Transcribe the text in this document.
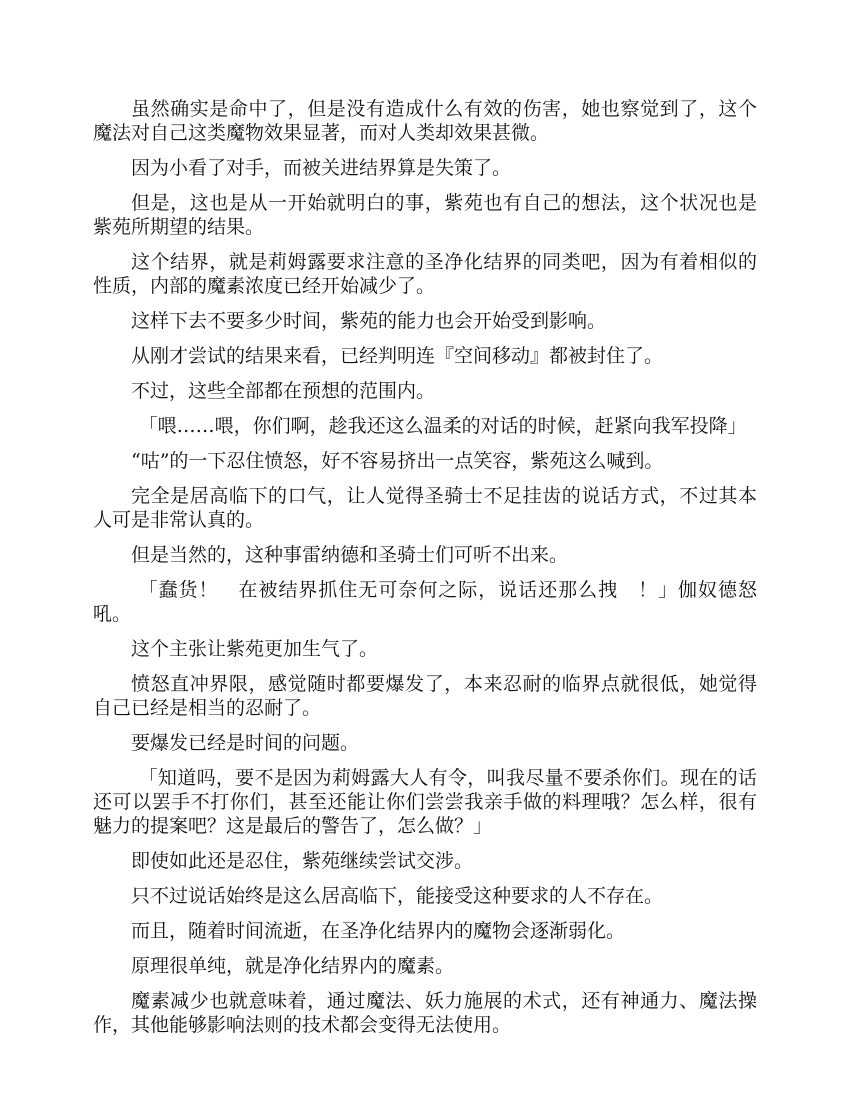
虽然确实是命中了，但是没有造成什么有效的伤害，她也察觉到了，这个魔法对自己这类魔物效果显著，而对人类却效果甚微。

因为小看了对手，而被关进结界算是失策了。

但是，这也是从一开始就明白的事，紫苑也有自己的想法，这个状况也是紫苑所期望的结果。

这个结界，就是莉姆露要求注意的圣净化结界的同类吧，因为有着相似的性质，内部的魔素浓度已经开始减少了。

这样下去不要多少时间，紫苑的能力也会开始受到影响。

从刚才尝试的结果来看，已经判明连『空间移动』都被封住了。

不过，这些全部都在预想的范围内。

「喂……喂，你们啊，趁我还这么温柔的对话的时候，赶紧向我军投降」

“咕”的一下忍住愤怒，好不容易挤出一点笑容，紫苑这么喊到。

完全是居高临下的口气，让人觉得圣骑士不足挂齿的说话方式，不过其本人可是非常认真的。

但是当然的，这种事雷纳德和圣骑士们可听不出来。

「蠢货！　在被结界抓住无可奈何之际，说话还那么拽　！」伽奴德怒吼。

这个主张让紫苑更加生气了。

愤怒直冲界限，感觉随时都要爆发了，本来忍耐的临界点就很低，她觉得自己已经是相当的忍耐了。

要爆发已经是时间的问题。

「知道吗，要不是因为莉姆露大人有令，叫我尽量不要杀你们。现在的话还可以罢手不打你们，甚至还能让你们尝尝我亲手做的料理哦？怎么样，很有魅力的提案吧？这是最后的警告了，怎么做？」

即使如此还是忍住，紫苑继续尝试交涉。

只不过说话始终是这么居高临下，能接受这种要求的人不存在。

而且，随着时间流逝，在圣净化结界内的魔物会逐渐弱化。

原理很单纯，就是净化结界内的魔素。

魔素减少也就意味着，通过魔法、妖力施展的术式，还有神通力、魔法操作，其他能够影响法则的技术都会变得无法使用。
